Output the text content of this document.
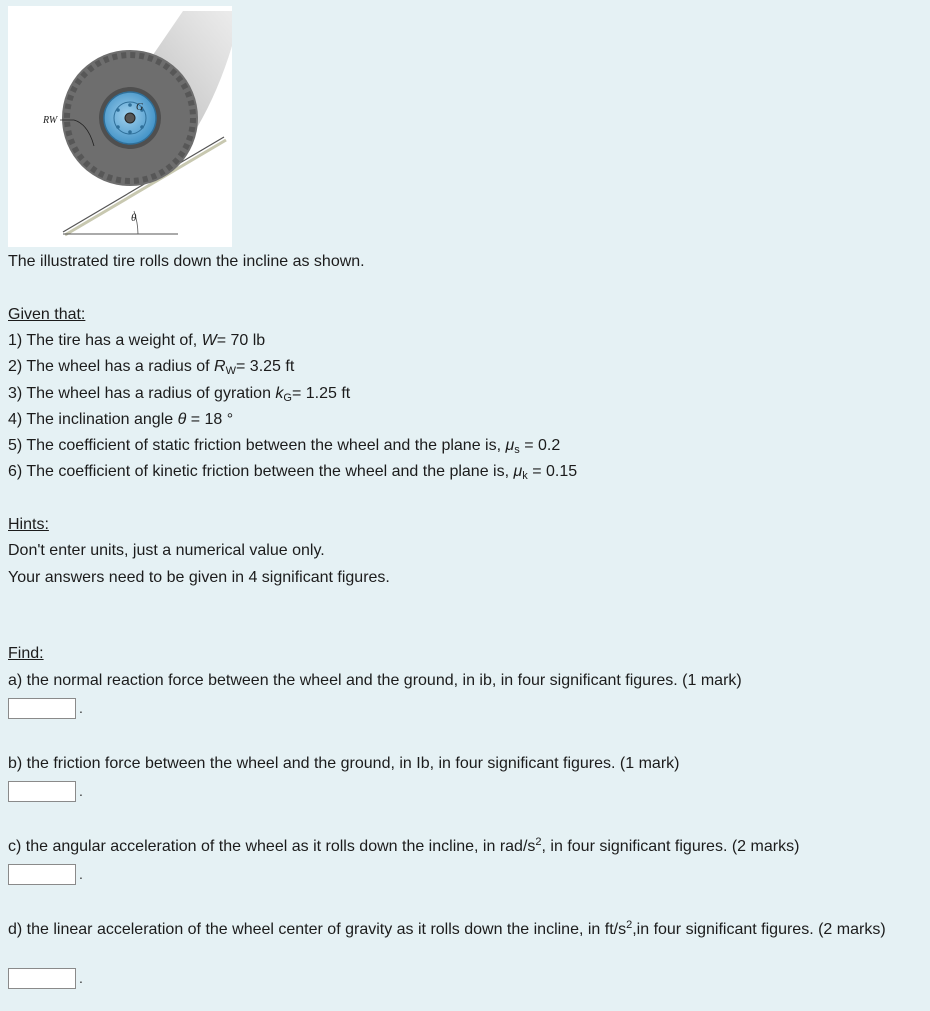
RW
θ
G
The illustrated tire rolls down the incline as shown.
Given that:
1) The tire has a weight of, W= 70 lb
2) The wheel has a radius of $R_W= 3.25$ ft
3) The wheel has a radius of gyration $k_G= 1.25$ ft
4) The inclination angle θ = 18 °
5) The coefficient of static friction between the wheel and the plane is, $\mu_s = 0.2$
6) The coefficient of kinetic friction between the wheel and the plane is, $\mu_k = 0.15$
Hints:
Don't enter units, just a numerical value only.
Your answers need to be given in 4 significant figures.
Find:
a) the normal reaction force between the wheel and the ground, in ib, in four significant figures. (1 mark)
.
b) the friction force between the wheel and the ground, in Ib, in four significant figures. (1 mark)
.
c) the angular acceleration of the wheel as it rolls down the incline, in rad/$s^2$, in four significant figures. (2 marks)
.
d) the linear acceleration of the wheel center of gravity as it rolls down the incline, in $ft/s^2,in$ four significant figures. (2 marks)
.
